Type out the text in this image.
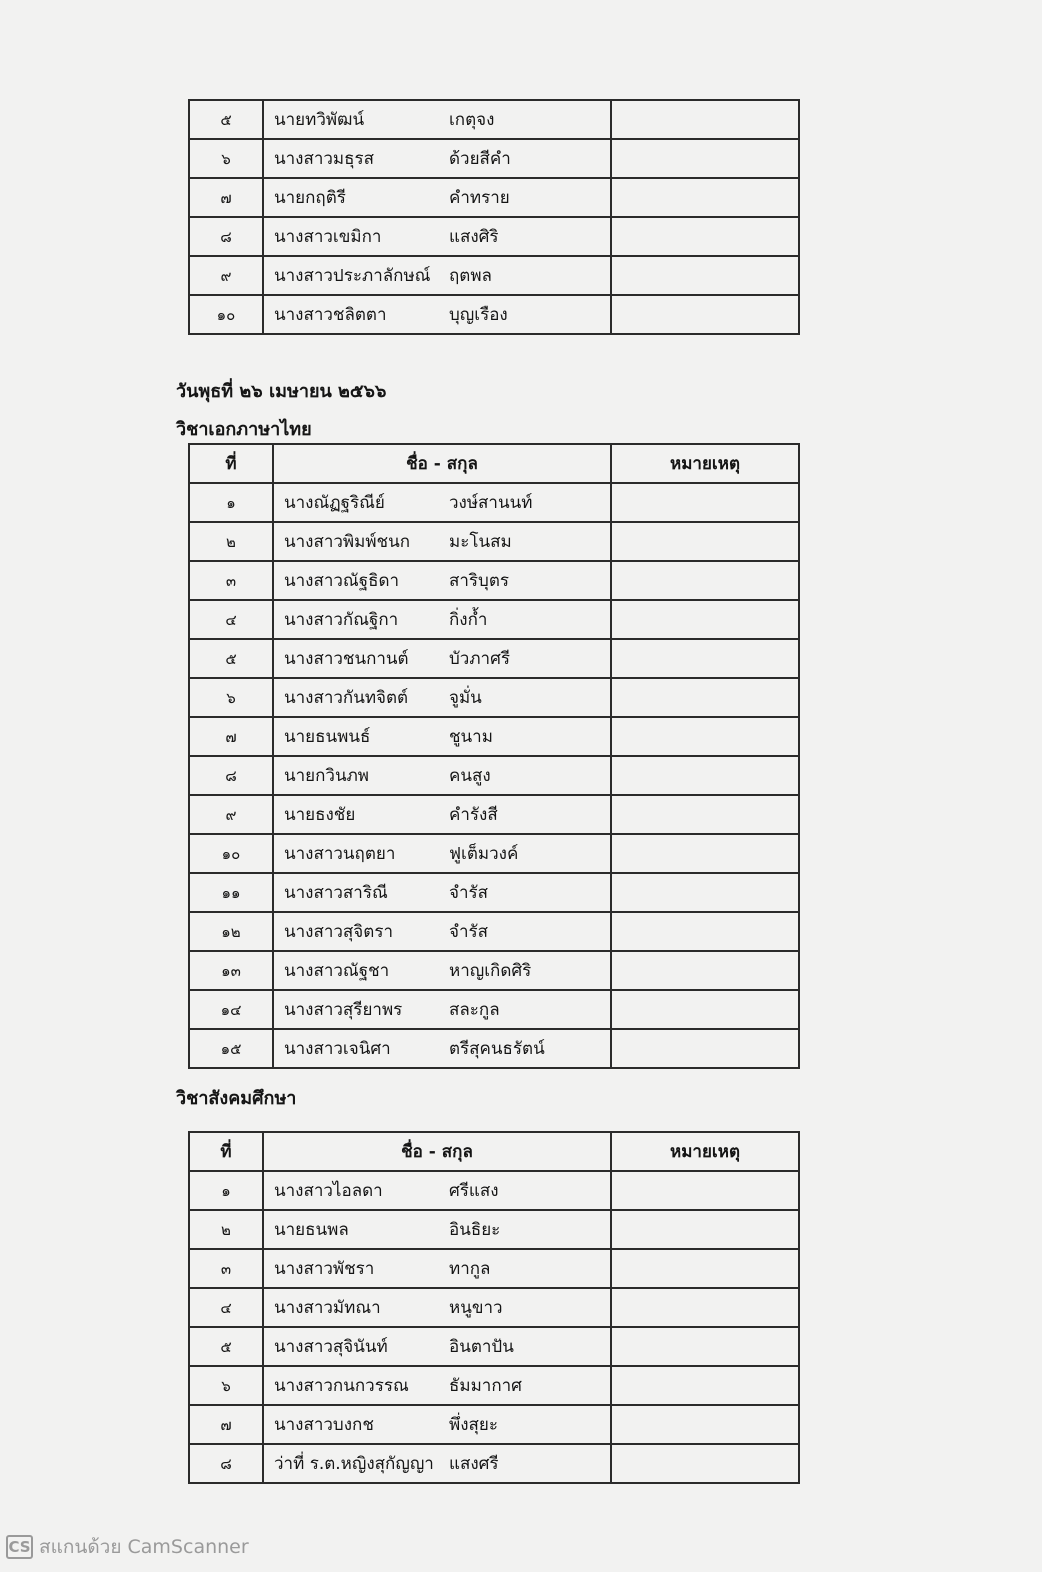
๕	นายทวิพัฒน์	เกตุจง	
๖	นางสาวมธุรส	ด้วยสีคำ	
๗	นายกฤติรี	คำทราย	
๘	นางสาวเขมิกา	แสงศิริ	
๙	นางสาวประภาลักษณ์	ฤตพล	
๑๐	นางสาวชลิตตา	บุญเรือง	
วันพุธที่ ๒๖ เมษายน ๒๕๖๖
วิชาเอกภาษาไทย
ที่	ชื่อ - สกุล		หมายเหตุ
๑	นางณัฏฐริณีย์	วงษ์สานนท์	
๒	นางสาวพิมพ์ชนก	มะโนสม	
๓	นางสาวณัฐธิดา	สาริบุตร	
๔	นางสาวกัณฐิกา	กิ่งก้ำ	
๕	นางสาวชนกานต์	บัวภาศรี	
๖	นางสาวกันทจิตต์	จูมั่น	
๗	นายธนพนธ์	ชูนาม	
๘	นายกวินภพ	คนสูง	
๙	นายธงชัย	คำรังสี	
๑๐	นางสาวนฤตยา	ฟูเต็มวงค์	
๑๑	นางสาวสาริณี	จำรัส	
๑๒	นางสาวสุจิตรา	จำรัส	
๑๓	นางสาวณัฐชา	หาญเกิดศิริ	
๑๔	นางสาวสุรียาพร	สละกูล	
๑๕	นางสาวเจนิศา	ตรีสุคนธรัตน์	
วิชาสังคมศึกษา
ที่	ชื่อ - สกุล		หมายเหตุ
๑	นางสาวไอลดา	ศรีแสง	
๒	นายธนพล	อินธิยะ	
๓	นางสาวพัชรา	ทากูล	
๔	นางสาวมัทณา	หนูขาว	
๕	นางสาวสุจินันท์	อินตาปัน	
๖	นางสาวกนกวรรณ	ธัมมากาศ	
๗	นางสาวบงกช	พึ่งสุยะ	
๘	ว่าที่ ร.ต.หญิงสุกัญญา	แสงศรี	
CS สแกนด้วย CamScanner
